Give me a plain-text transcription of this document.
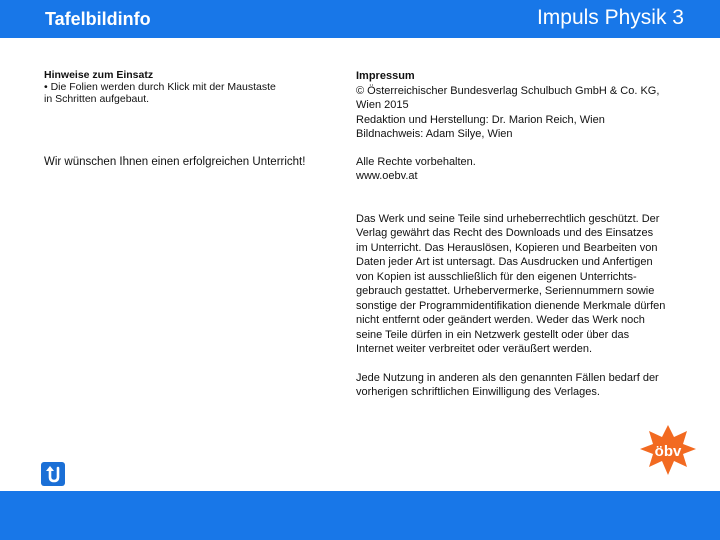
Tafelbildinfo	Impuls Physik 3
Hinweise zum Einsatz
• Die Folien werden durch Klick mit der Maustaste
in Schritten aufgebaut.
Wir wünschen Ihnen einen erfolgreichen Unterricht!
Impressum
© Österreichischer Bundesverlag Schulbuch GmbH & Co. KG,
Wien 2015
Redaktion und Herstellung: Dr. Marion Reich, Wien
Bildnachweis: Adam Silye, Wien
Alle Rechte vorbehalten.
www.oebv.at
Das Werk und seine Teile sind urheberrechtlich geschützt. Der
Verlag gewährt das Recht des Downloads und des Einsatzes
im Unterricht. Das Herauslösen, Kopieren und Bearbeiten von
Daten jeder Art ist untersagt. Das Ausdrucken und Anfertigen
von Kopien ist ausschließlich für den eigenen Unterrichts-
gebrauch gestattet. Urhebervermerke, Seriennummern sowie
sonstige der Programmidentifikation dienende Merkmale dürfen
nicht entfernt oder geändert werden. Weder das Werk noch
seine Teile dürfen in ein Netzwerk gestellt oder über das
Internet weiter verbreitet oder veräußert werden.
Jede Nutzung in anderen als den genannten Fällen bedarf der
vorherigen schriftlichen Einwilligung des Verlages.
öbv
